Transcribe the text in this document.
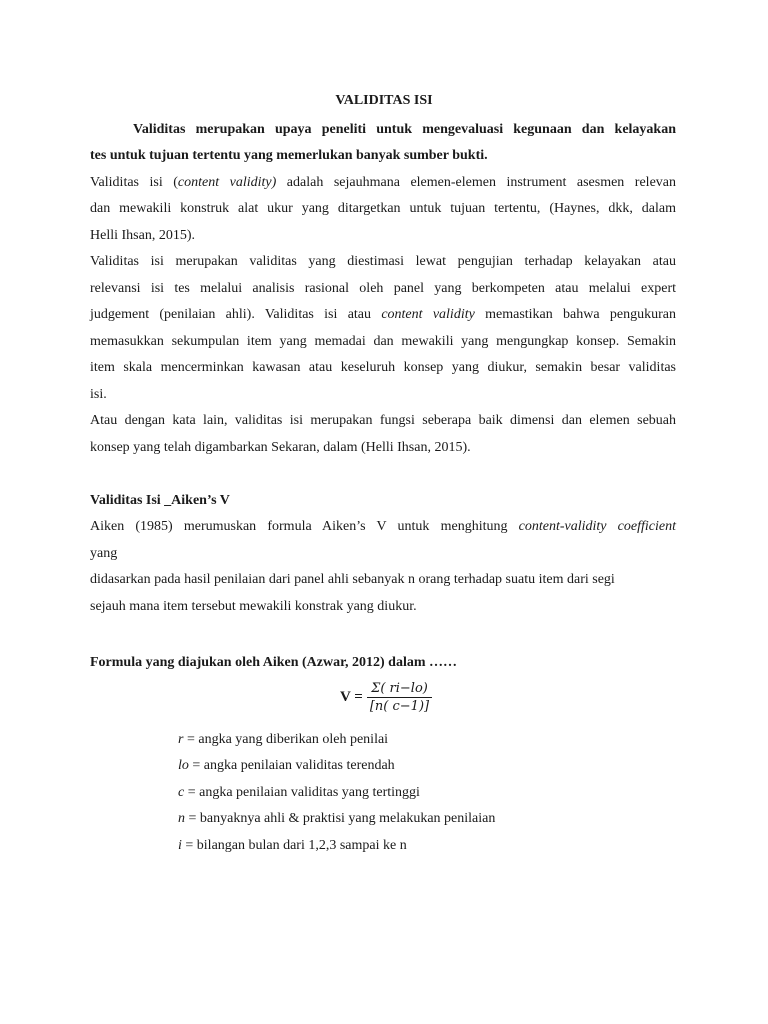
VALIDITAS ISI
Validitas merupakan upaya peneliti untuk mengevaluasi kegunaan dan kelayakan
tes untuk tujuan tertentu yang memerlukan banyak sumber bukti.
Validitas isi (content validity) adalah sejauhmana elemen-elemen instrument asesmen relevan
dan mewakili konstruk alat ukur yang ditargetkan untuk tujuan tertentu, (Haynes, dkk, dalam
Helli Ihsan, 2015).
Validitas isi merupakan validitas yang diestimasi lewat pengujian terhadap kelayakan atau
relevansi isi tes melalui analisis rasional oleh panel yang berkompeten atau melalui expert
judgement (penilaian ahli). Validitas isi atau content validity memastikan bahwa pengukuran
memasukkan sekumpulan item yang memadai dan mewakili yang mengungkap konsep. Semakin
item skala mencerminkan kawasan atau keseluruh konsep yang diukur, semakin besar validitas
isi.
Atau dengan kata lain, validitas isi merupakan fungsi seberapa baik dimensi dan elemen sebuah
konsep yang telah digambarkan Sekaran, dalam (Helli Ihsan, 2015).
Validitas Isi _Aiken’s V
Aiken (1985) merumuskan formula Aiken’s V untuk menghitung content-validity coefficient
yang
didasarkan pada hasil penilaian dari panel ahli sebanyak n orang terhadap suatu item dari segi
sejauh mana item tersebut mewakili konstrak yang diukur.
Formula yang diajukan oleh Aiken (Azwar, 2012) dalam ……
$V = \frac{\Sigma( ri-lo)}{[n( c-1)]}$
r = angka yang diberikan oleh penilai
lo = angka penilaian validitas terendah
c = angka penilaian validitas yang tertinggi
n = banyaknya ahli & praktisi yang melakukan penilaian
i = bilangan bulan dari 1,2,3 sampai ke n
